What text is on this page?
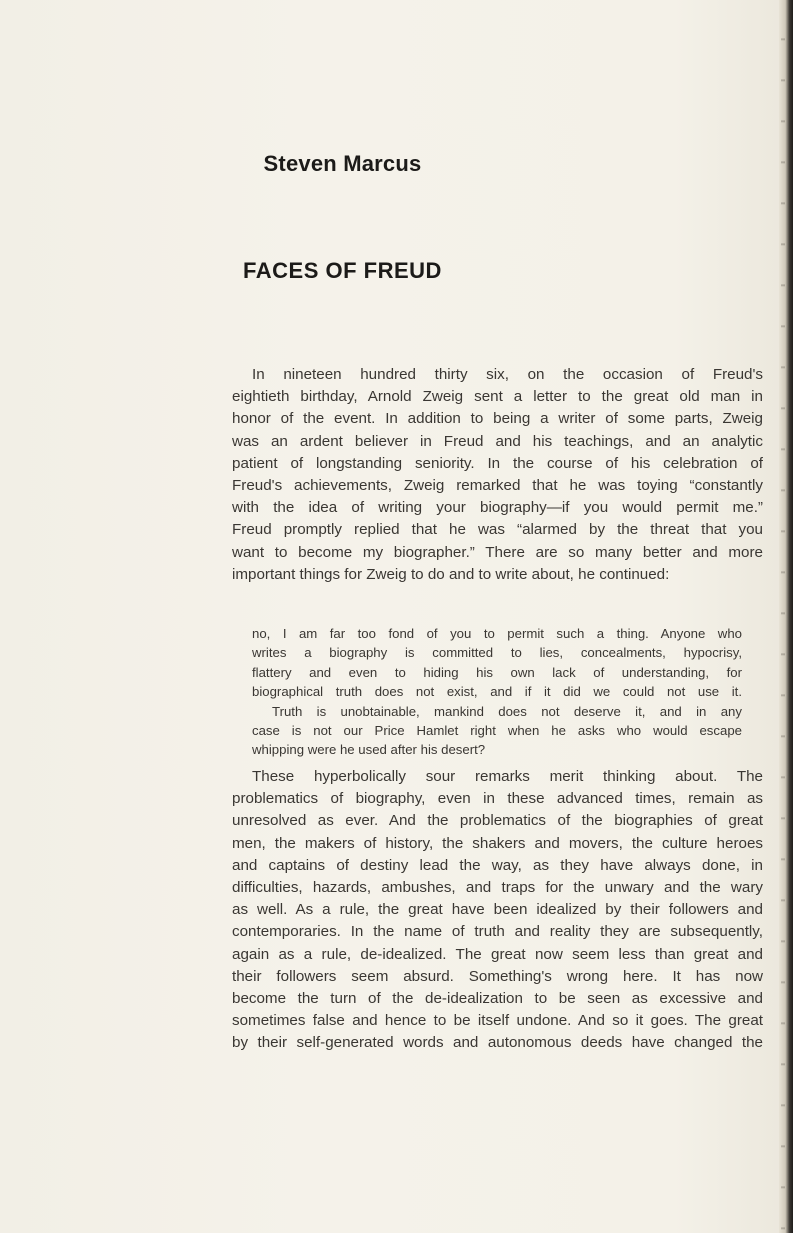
Steven Marcus
FACES OF FREUD
In nineteen hundred thirty six, on the occasion of Freud's
eightieth birthday, Arnold Zweig sent a letter to the great old man in
honor of the event. In addition to being a writer of some parts, Zweig
was an ardent believer in Freud and his teachings, and an analytic
patient of longstanding seniority. In the course of his celebration of
Freud's achievements, Zweig remarked that he was toying “constantly
with the idea of writing your biography—if you would permit me.”
Freud promptly replied that he was “alarmed by the threat that you
want to become my biographer.” There are so many better and more
important things for Zweig to do and to write about, he continued:
no, I am far too fond of you to permit such a thing. Anyone who
writes a biography is committed to lies, concealments, hypocrisy,
flattery and even to hiding his own lack of understanding, for
biographical truth does not exist, and if it did we could not use it.
Truth is unobtainable, mankind does not deserve it, and in any
case is not our Price Hamlet right when he asks who would escape
whipping were he used after his desert?
These hyperbolically sour remarks merit thinking about. The
problematics of biography, even in these advanced times, remain as
unresolved as ever. And the problematics of the biographies of great
men, the makers of history, the shakers and movers, the culture heroes
and captains of destiny lead the way, as they have always done, in
difficulties, hazards, ambushes, and traps for the unwary and the wary
as well. As a rule, the great have been idealized by their followers and
contemporaries. In the name of truth and reality they are subsequently,
again as a rule, de-idealized. The great now seem less than great and
their followers seem absurd. Something's wrong here. It has now
become the turn of the de-idealization to be seen as excessive and
sometimes false and hence to be itself undone. And so it goes. The great
by their self-generated words and autonomous deeds have changed the
